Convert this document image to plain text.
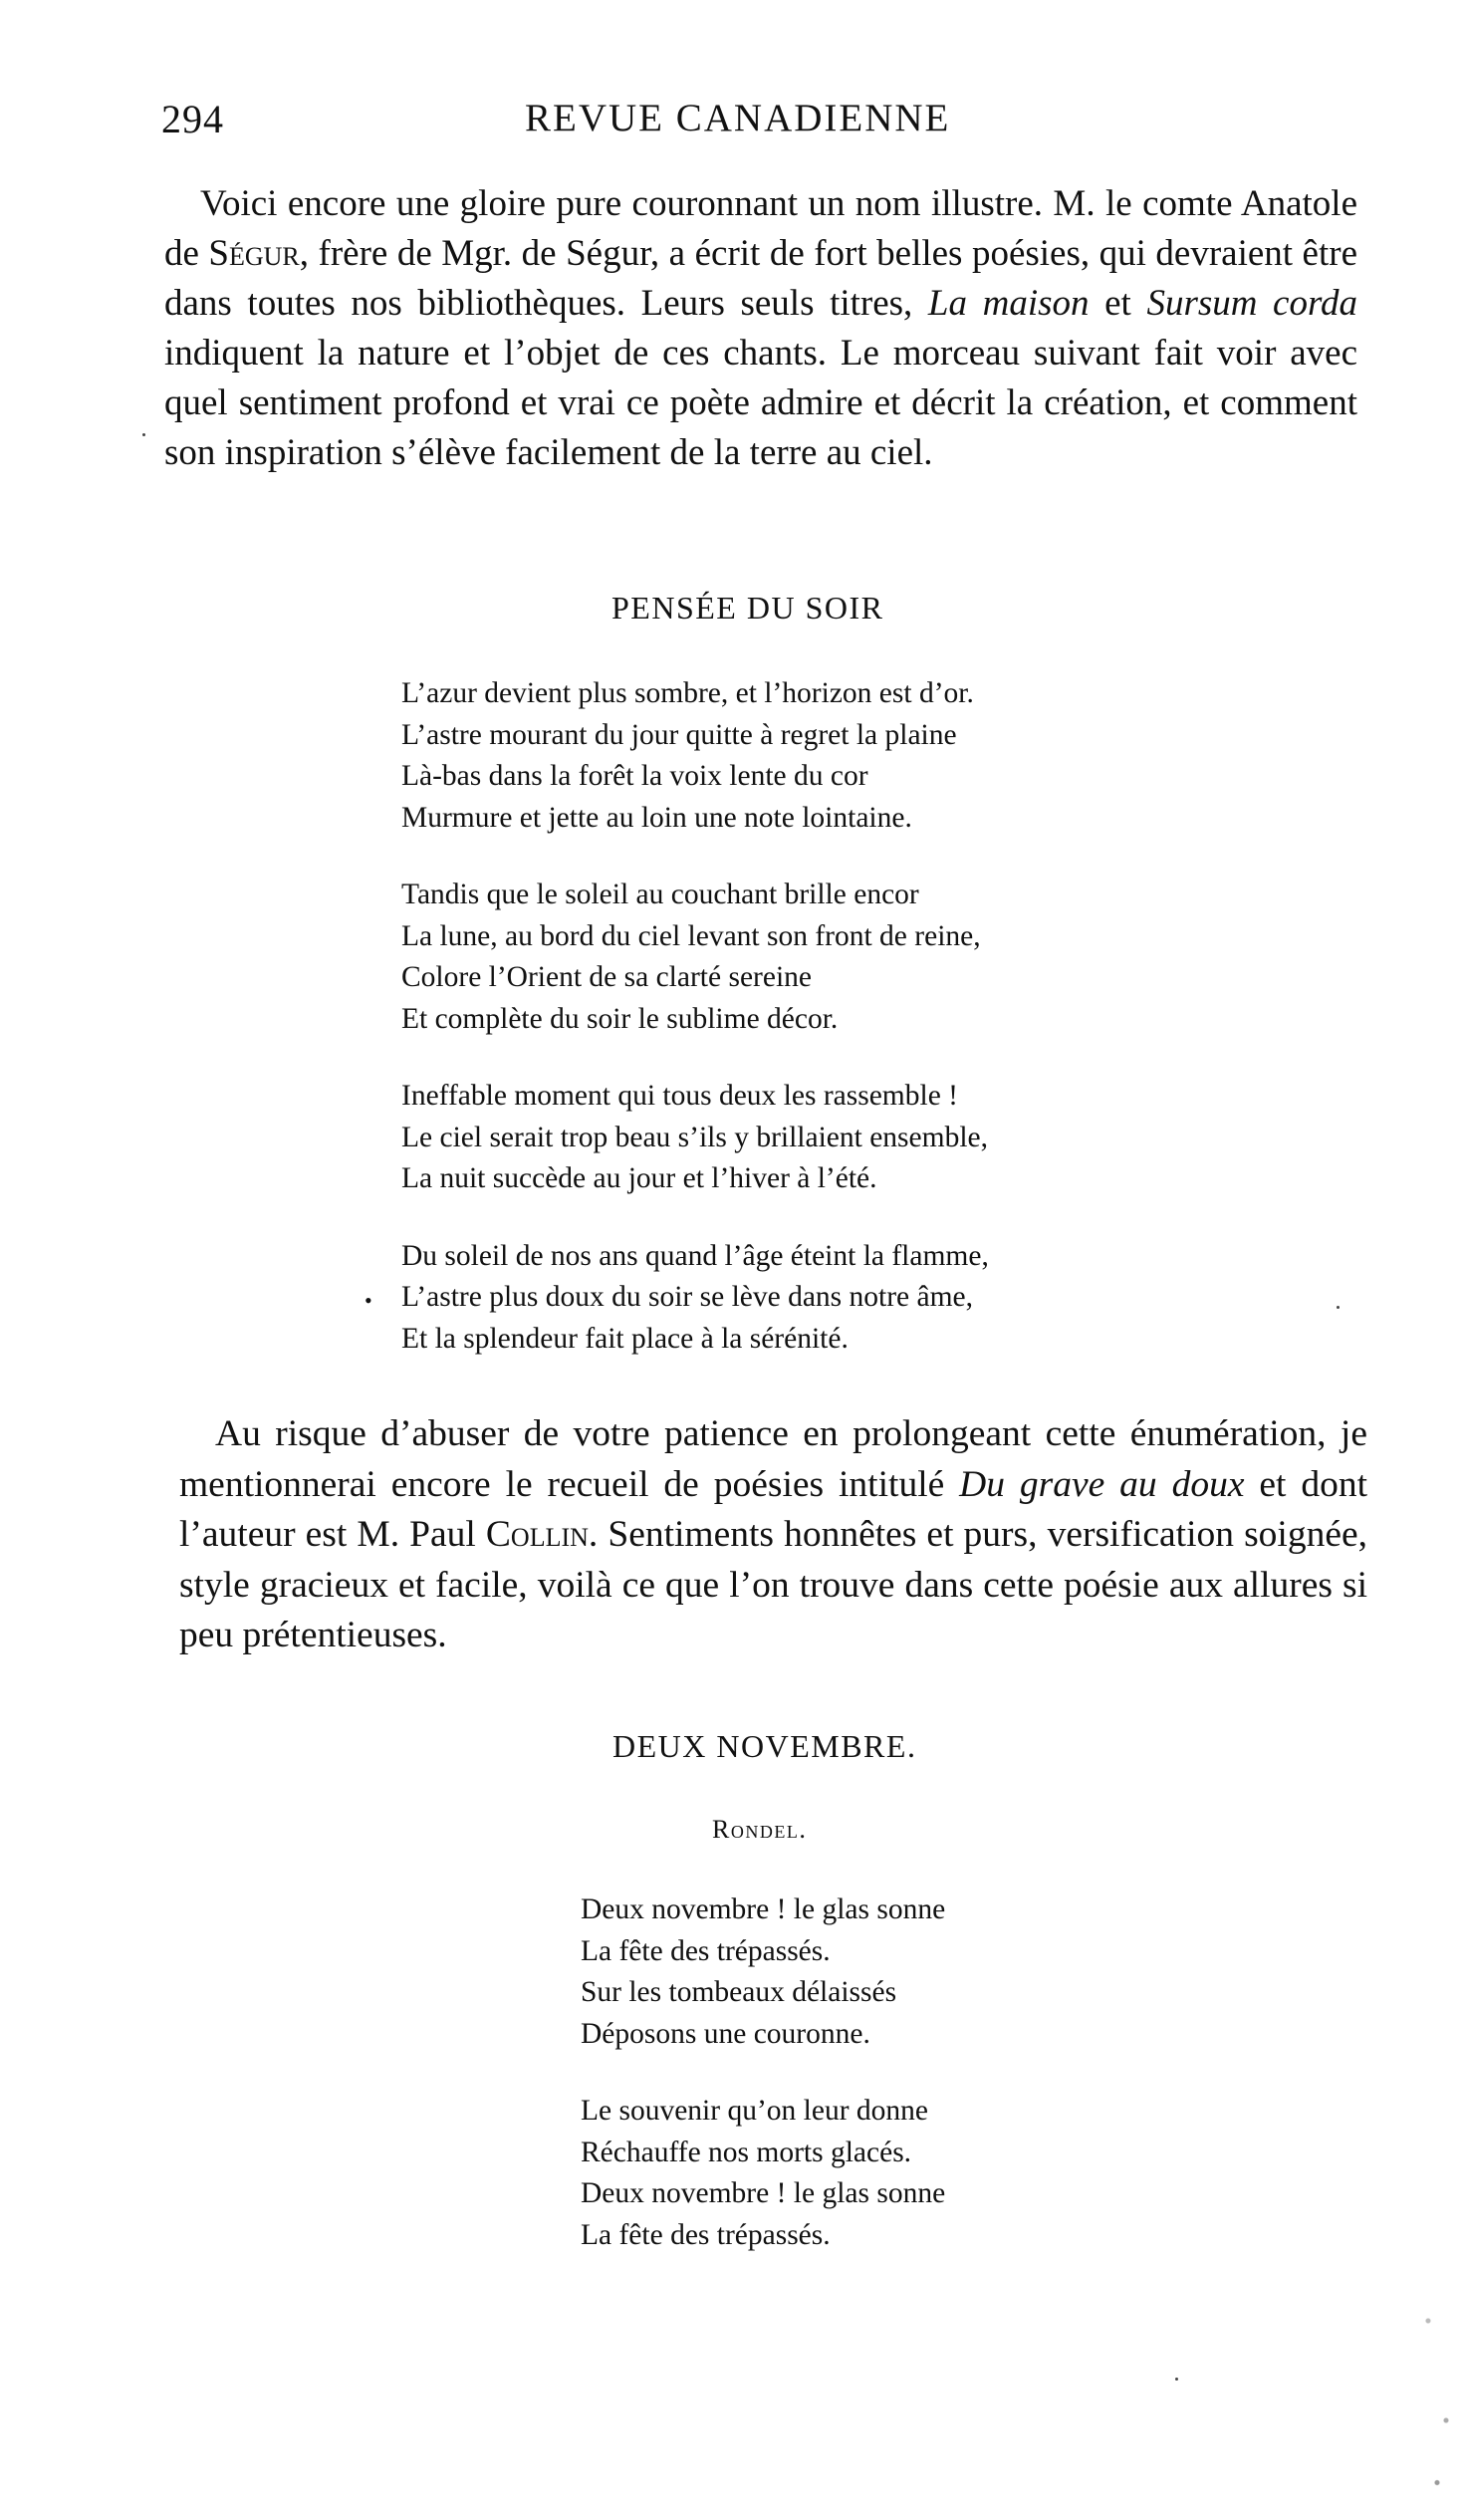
294	REVUE CANADIENNE

Voici encore une gloire pure couronnant un nom illustre. M. le comte Anatole de Ségur, frère de Mgr. de Ségur, a écrit de fort belles poésies, qui devraient être dans toutes nos bibliothèques. Leurs seuls titres, La maison et Sursum corda indiquent la nature et l’objet de ces chants. Le morceau suivant fait voir avec quel sentiment profond et vrai ce poète admire et décrit la création, et comment son inspiration s’élève facilement de la terre au ciel.

PENSÉE DU SOIR
L’azur devient plus sombre, et l’horizon est d’or.
L’astre mourant du jour quitte à regret la plaine
Là-bas dans la forêt la voix lente du cor
Murmure et jette au loin une note lointaine.
Tandis que le soleil au couchant brille encor
La lune, au bord du ciel levant son front de reine,
Colore l’Orient de sa clarté sereine
Et complète du soir le sublime décor.
Ineffable moment qui tous deux les rassemble !
Le ciel serait trop beau s’ils y brillaient ensemble,
La nuit succède au jour et l’hiver à l’été.
Du soleil de nos ans quand l’âge éteint la flamme,
L’astre plus doux du soir se lève dans notre âme,
Et la splendeur fait place à la sérénité.
•

Au risque d’abuser de votre patience en prolongeant cette énumération, je mentionnerai encore le recueil de poésies intitulé Du grave au doux et dont l’auteur est M. Paul Collin. Sentiments honnêtes et purs, versification soignée, style gracieux et facile, voilà ce que l’on trouve dans cette poésie aux allures si peu prétentieuses.

DEUX NOVEMBRE.
Rondel.
Deux novembre ! le glas sonne
La fête des trépassés.
Sur les tombeaux délaissés
Déposons une couronne.
Le souvenir qu’on leur donne
Réchauffe nos morts glacés.
Deux novembre ! le glas sonne
La fête des trépassés.
